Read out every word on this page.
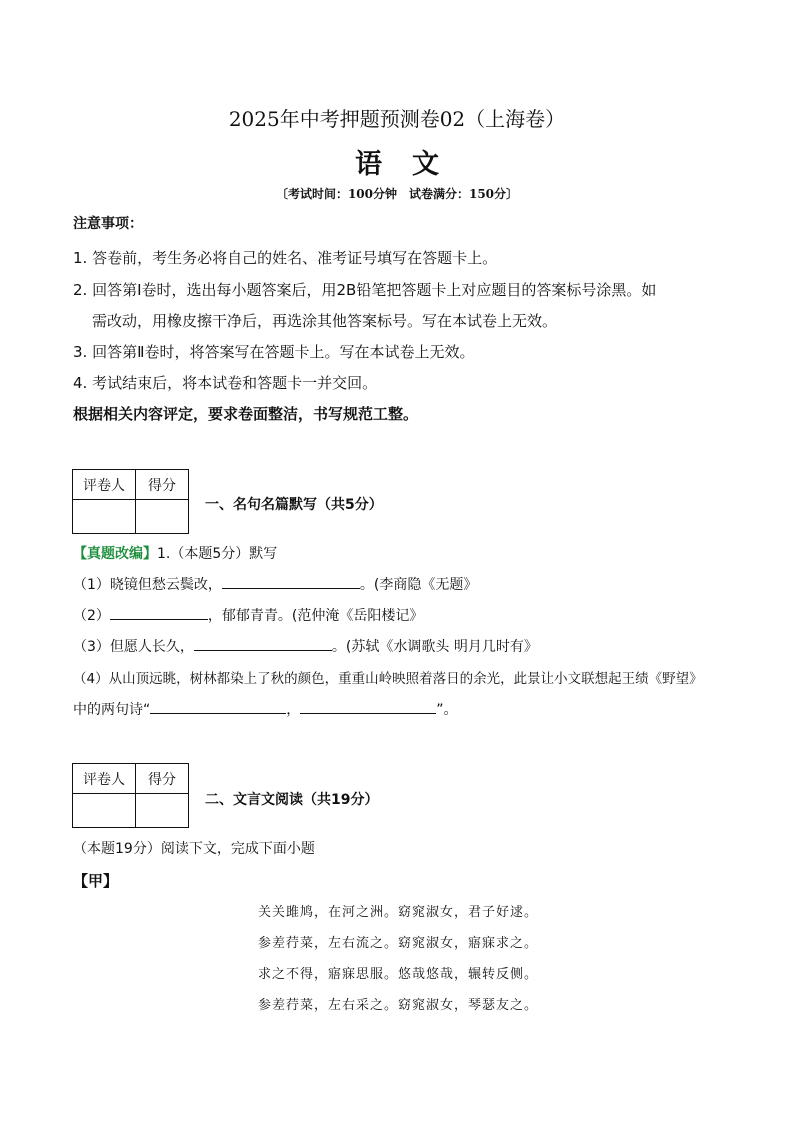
2025年中考押题预测卷02（上海卷）
语文
〔考试时间：100分钟　试卷满分：150分〕
注意事项：
1. 答卷前，考生务必将自己的姓名、准考证号填写在答题卡上。
2. 回答第Ⅰ卷时，选出每小题答案后，用2B铅笔把答题卡上对应题目的答案标号涂黑。如
需改动，用橡皮擦干净后，再选涂其他答案标号。写在本试卷上无效。
3. 回答第Ⅱ卷时，将答案写在答题卡上。写在本试卷上无效。
4. 考试结束后，将本试卷和答题卡一并交回。
根据相关内容评定，要求卷面整洁，书写规范工整。
评卷人	得分

一、名句名篇默写（共5分）
【真题改编】1.（本题5分）默写
（1）晓镜但愁云鬓改，	。(李商隐《无题》
（2）	，郁郁青青。(范仲淹《岳阳楼记》
（3）但愿人长久，	。(苏轼《水调歌头 明月几时有》
（4）从山顶远眺，树林都染上了秋的颜色，重重山岭映照着落日的余光，此景让小文联想起王绩《野望》
中的两句诗“	，	”。
评卷人	得分

二、文言文阅读（共19分）
（本题19分）阅读下文，完成下面小题
【甲】
关关雎鸠，在河之洲。窈窕淑女，君子好逑。
参差荇菜，左右流之。窈窕淑女，寤寐求之。
求之不得，寤寐思服。悠哉悠哉，辗转反侧。
参差荇菜，左右采之。窈窕淑女，琴瑟友之。
